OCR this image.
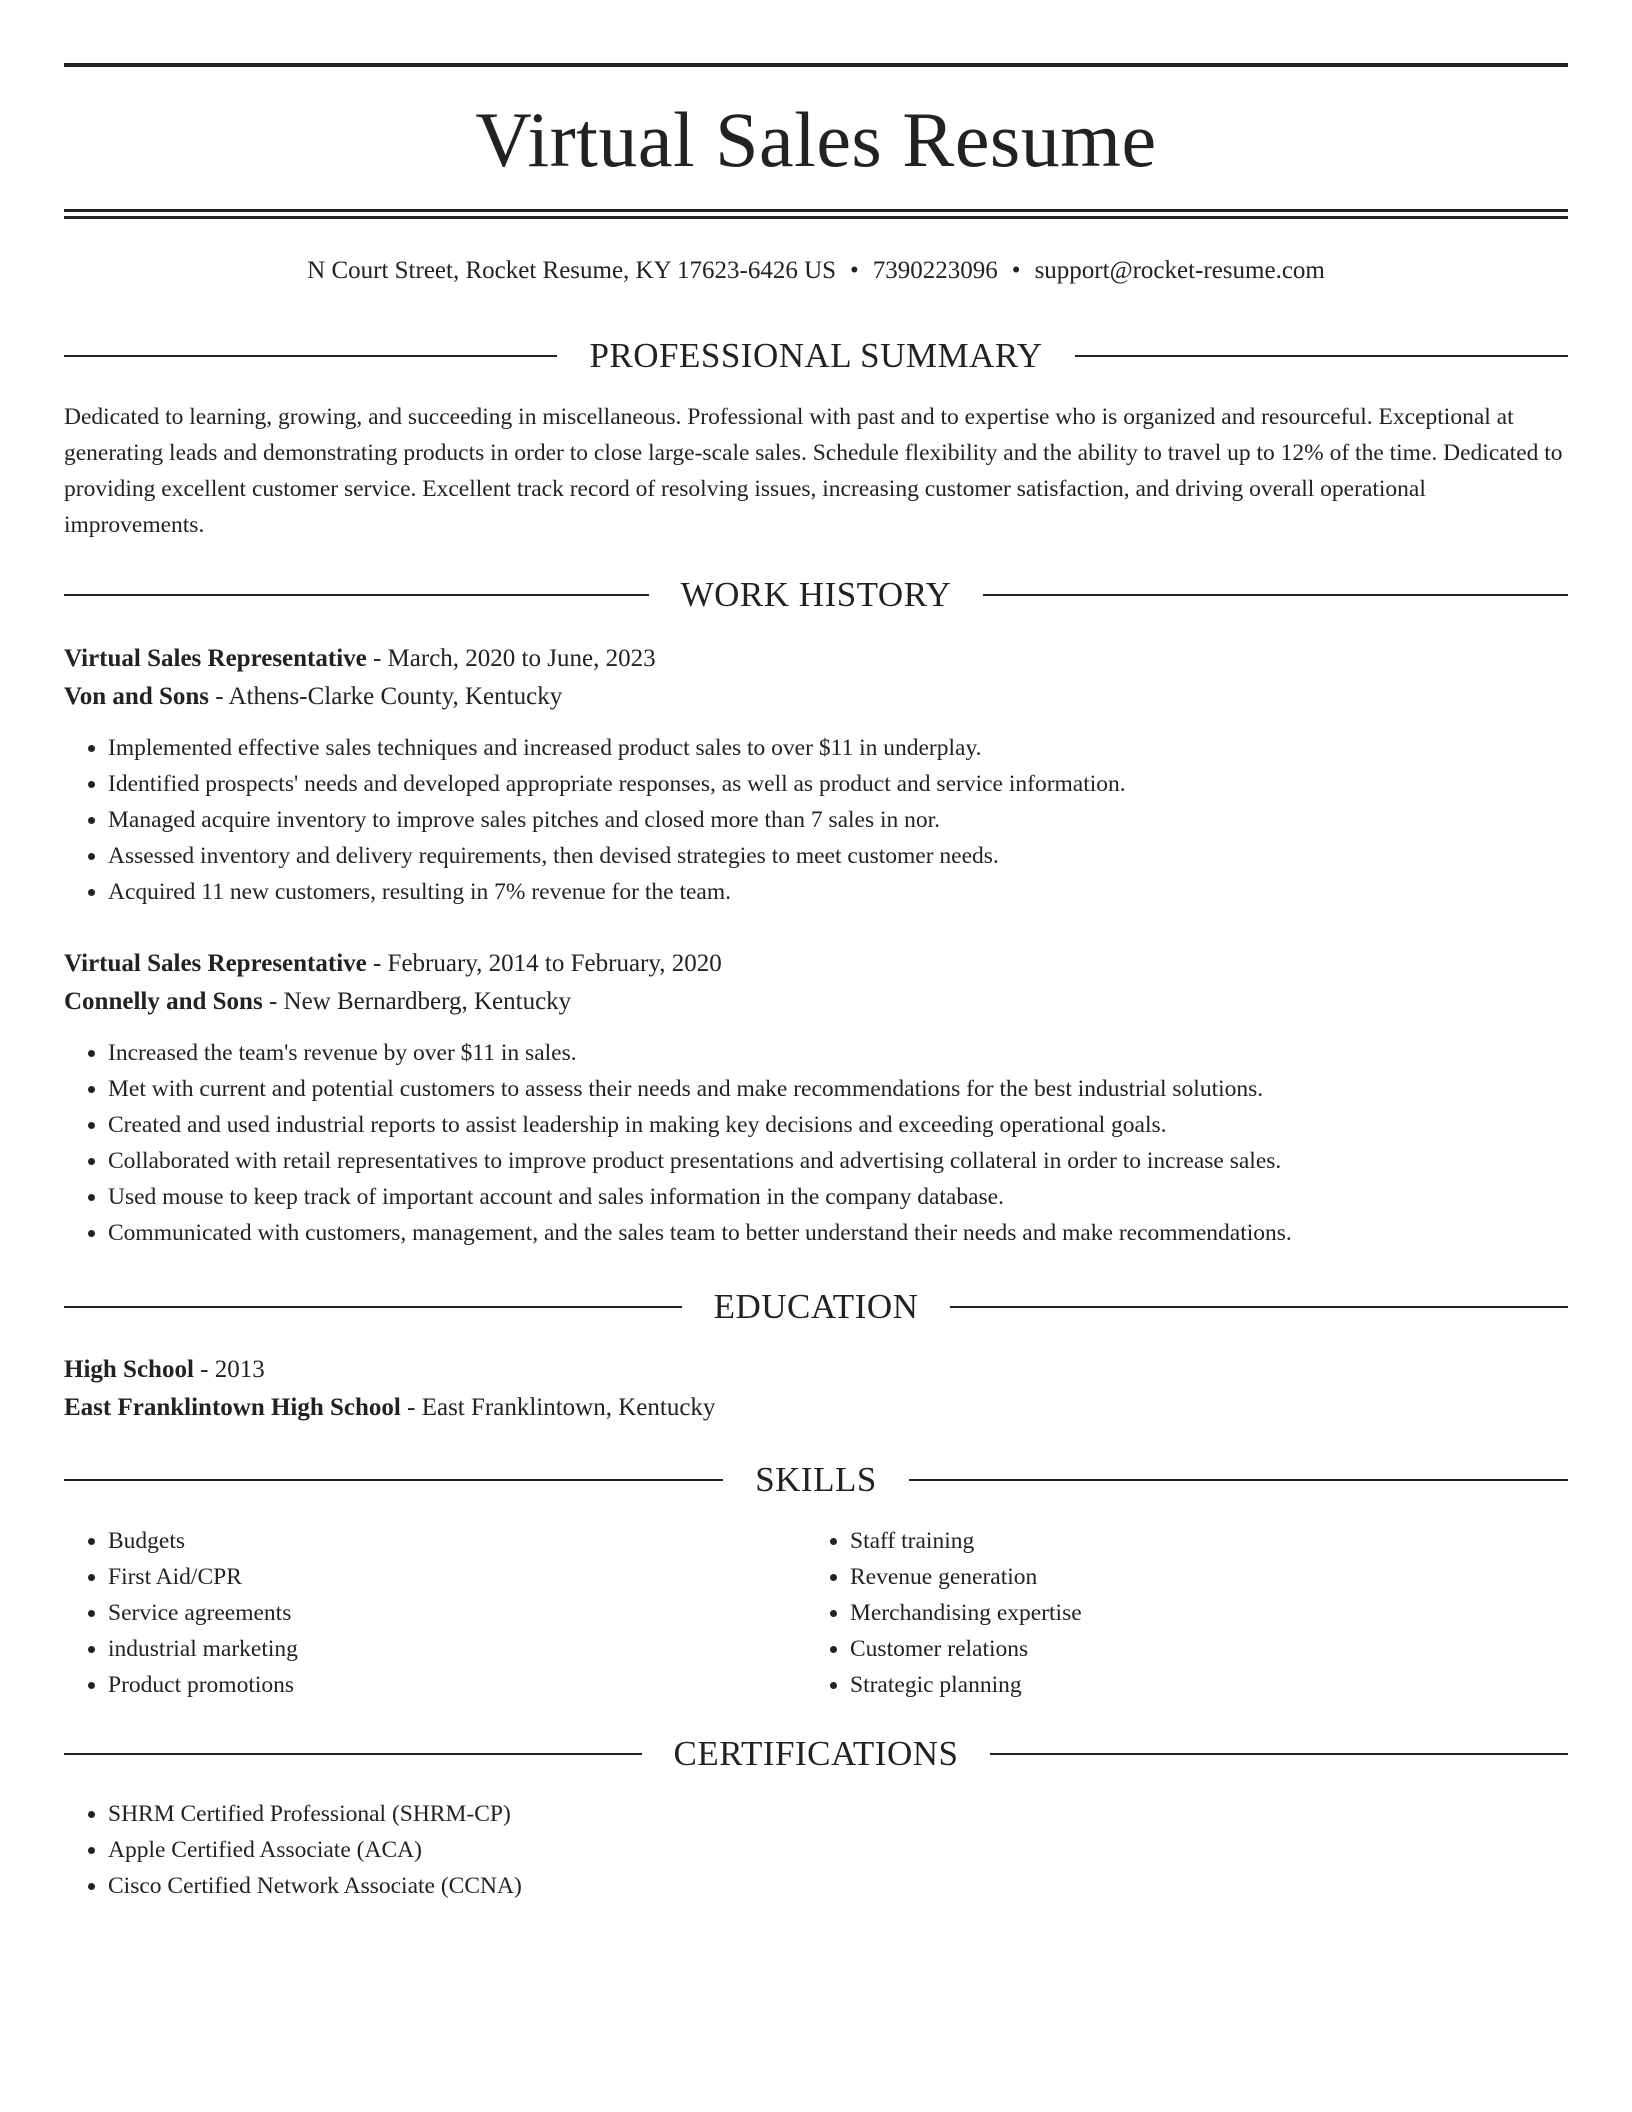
Virtual Sales Resume
N Court Street, Rocket Resume, KY 17623-6426 US • 7390223096 • support@rocket-resume.com
PROFESSIONAL SUMMARY
Dedicated to learning, growing, and succeeding in miscellaneous. Professional with past and to expertise who is organized and resourceful. Exceptional at generating leads and demonstrating products in order to close large-scale sales. Schedule flexibility and the ability to travel up to 12% of the time. Dedicated to providing excellent customer service. Excellent track record of resolving issues, increasing customer satisfaction, and driving overall operational improvements.
WORK HISTORY
Virtual Sales Representative - March, 2020 to June, 2023
Von and Sons - Athens-Clarke County, Kentucky
• Implemented effective sales techniques and increased product sales to over $11 in underplay.
• Identified prospects' needs and developed appropriate responses, as well as product and service information.
• Managed acquire inventory to improve sales pitches and closed more than 7 sales in nor.
• Assessed inventory and delivery requirements, then devised strategies to meet customer needs.
• Acquired 11 new customers, resulting in 7% revenue for the team.
Virtual Sales Representative - February, 2014 to February, 2020
Connelly and Sons - New Bernardberg, Kentucky
• Increased the team's revenue by over $11 in sales.
• Met with current and potential customers to assess their needs and make recommendations for the best industrial solutions.
• Created and used industrial reports to assist leadership in making key decisions and exceeding operational goals.
• Collaborated with retail representatives to improve product presentations and advertising collateral in order to increase sales.
• Used mouse to keep track of important account and sales information in the company database.
• Communicated with customers, management, and the sales team to better understand their needs and make recommendations.
EDUCATION
High School - 2013
East Franklintown High School - East Franklintown, Kentucky
SKILLS
• Budgets
• First Aid/CPR
• Service agreements
• industrial marketing
• Product promotions
• Staff training
• Revenue generation
• Merchandising expertise
• Customer relations
• Strategic planning
CERTIFICATIONS
• SHRM Certified Professional (SHRM-CP)
• Apple Certified Associate (ACA)
• Cisco Certified Network Associate (CCNA)
